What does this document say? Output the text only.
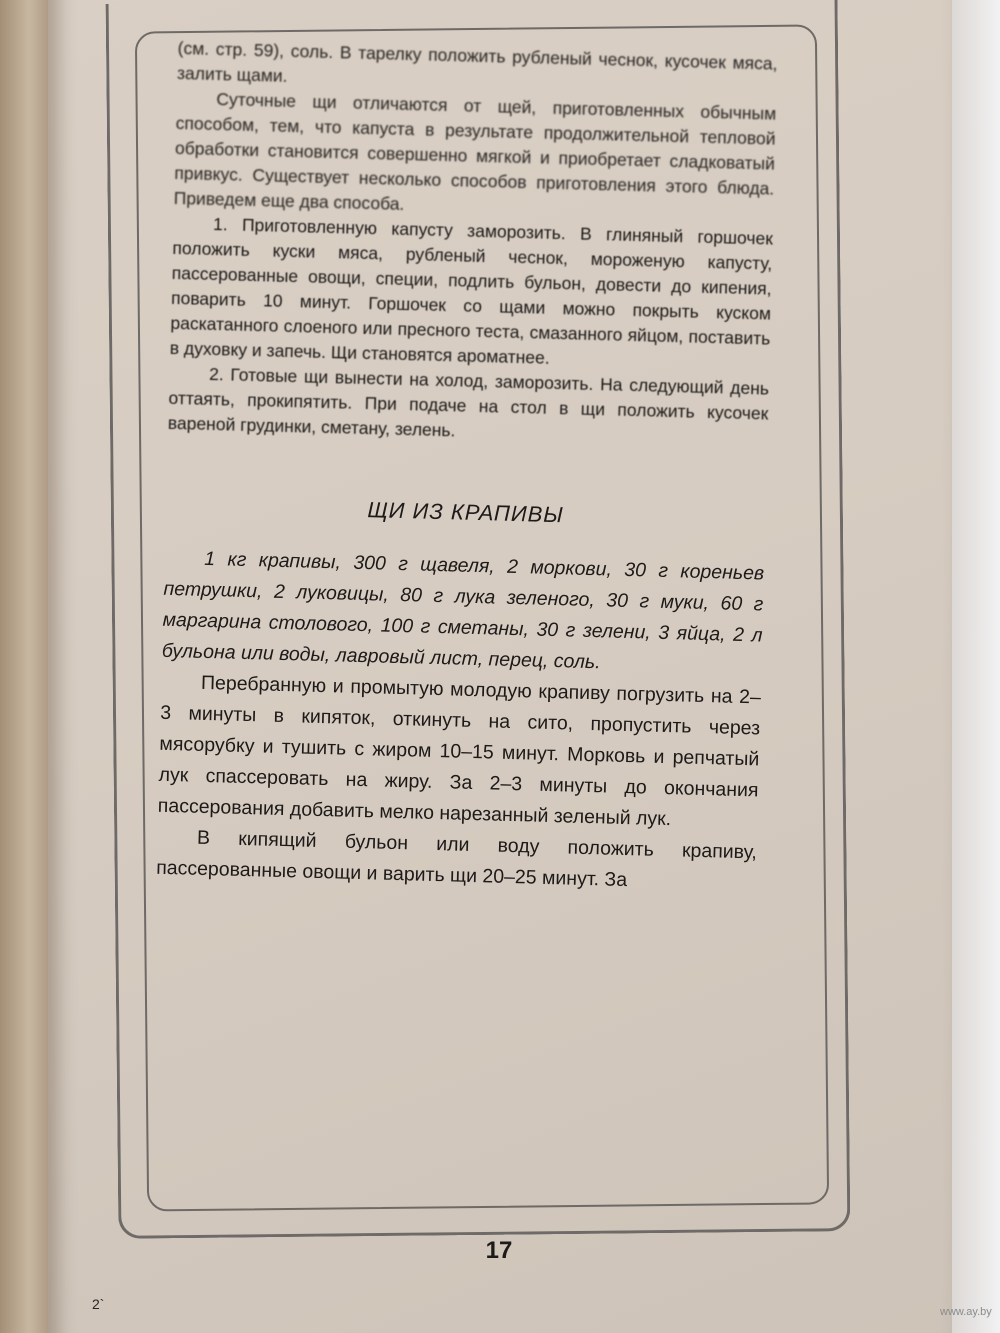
(см. стр. 59), соль. В тарелку положить рубленый чеснок, кусочек мяса, залить щами.

Суточные щи отличаются от щей, приготовленных обычным способом, тем, что капуста в результате продолжительной тепловой обработки становится совершенно мягкой и приобретает сладковатый привкус. Существует несколько способов приготовления этого блюда. Приведем еще два способа.

1. Приготовленную капусту заморозить. В глиняный горшочек положить куски мяса, рубленый чеснок, мороженую капусту, пассерованные овощи, специи, подлить бульон, довести до кипения, поварить 10 минут. Горшочек со щами можно покрыть куском раскатанного слоеного или пресного теста, смазанного яйцом, поставить в духовку и запечь. Щи становятся ароматнее.

2. Готовые щи вынести на холод, заморозить. На следующий день оттаять, прокипятить. При подаче на стол в щи положить кусочек вареной грудинки, сметану, зелень.

ЩИ ИЗ КРАПИВЫ

1 кг крапивы, 300 г щавеля, 2 моркови, 30 г кореньев петрушки, 2 луковицы, 80 г лука зеленого, 30 г муки, 60 г маргарина столового, 100 г сметаны, 30 г зелени, 3 яйца, 2 л бульона или воды, лавровый лист, перец, соль.

Перебранную и промытую молодую крапиву погрузить на 2–3 минуты в кипяток, откинуть на сито, пропустить через мясорубку и тушить с жиром 10–15 минут. Морковь и репчатый лук спассеровать на жиру. За 2–3 минуты до окончания пассерования добавить мелко нарезанный зеленый лук.

В кипящий бульон или воду положить крапиву, пассерованные овощи и варить щи 20–25 минут. За

17
2`	www.ay.by
